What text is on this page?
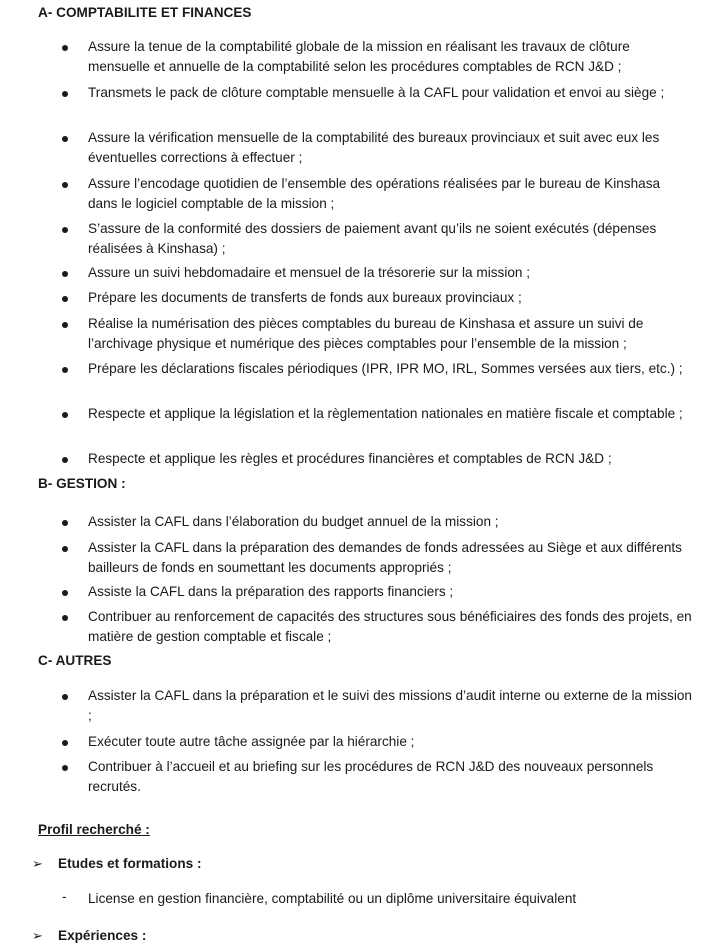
A- COMPTABILITE ET FINANCES
Assure la tenue de la comptabilité globale de la mission en réalisant les travaux de clôture mensuelle et annuelle de la comptabilité selon les procédures comptables de RCN J&D ;
Transmets le pack de clôture comptable mensuelle à la CAFL pour validation et envoi au siège ;
Assure la vérification mensuelle de la comptabilité des bureaux provinciaux et suit avec eux les éventuelles corrections à effectuer ;
Assure l’encodage quotidien de l’ensemble des opérations réalisées par le bureau de Kinshasa dans le logiciel comptable de la mission ;
S’assure de la conformité des dossiers de paiement avant qu’ils ne soient exécutés (dépenses réalisées à Kinshasa) ;
Assure un suivi hebdomadaire et mensuel de la trésorerie sur la mission ;
Prépare les documents de transferts de fonds aux bureaux provinciaux ;
Réalise la numérisation des pièces comptables du bureau de Kinshasa et assure un suivi de l’archivage physique et numérique des pièces comptables pour l’ensemble de la mission ;
Prépare les déclarations fiscales périodiques (IPR, IPR MO, IRL, Sommes versées aux tiers, etc.) ;
Respecte et applique la législation et la règlementation nationales en matière fiscale et comptable ;
Respecte et applique les règles et procédures financières et comptables de RCN J&D ;
B- GESTION :
Assister la CAFL dans l’élaboration du budget annuel de la mission ;
Assister la CAFL dans la préparation des demandes de fonds adressées au Siège et aux différents bailleurs de fonds en soumettant les documents appropriés ;
Assiste la CAFL dans la préparation des rapports financiers ;
Contribuer au renforcement de capacités des structures sous bénéficiaires des fonds des projets, en matière de gestion comptable et fiscale ;
C- AUTRES
Assister la CAFL dans la préparation et le suivi des missions d’audit interne ou externe de la mission ;
Exécuter toute autre tâche assignée par la hiérarchie ;
Contribuer à l’accueil et au briefing sur les procédures de RCN J&D des nouveaux personnels recrutés.
Profil recherché :
➢ Etudes et formations :
- License en gestion financière, comptabilité ou un diplôme universitaire équivalent
➢ Expériences :
